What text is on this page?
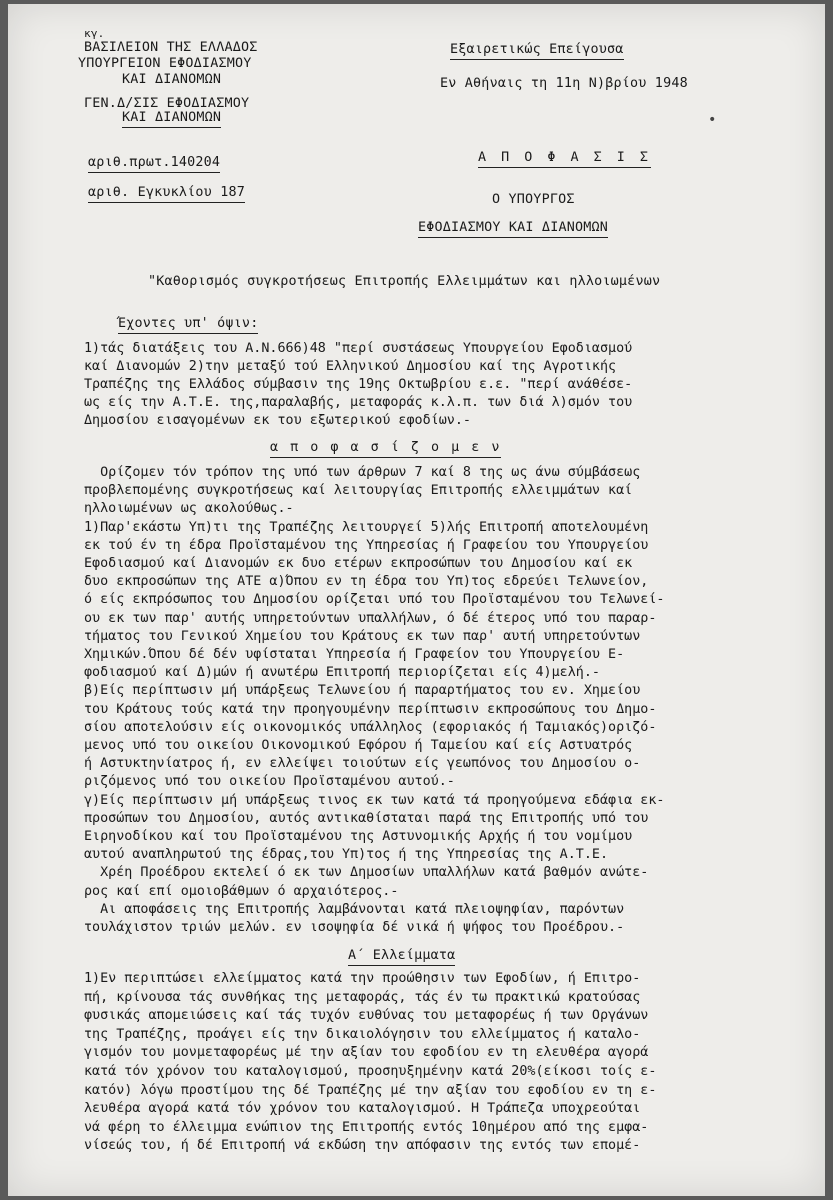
κγ.
ΒΑΣΙΛΕΙΟΝ ΤΗΣ ΕΛΛΑΔΟΣ
ΥΠΟΥΡΓΕΙΟΝ ΕΦΟΔΙΑΣΜΟΥ
ΚΑΙ ΔΙΑΝΟΜΩΝ
ΓΕΝ.Δ/ΣΙΣ ΕΦΟΔΙΑΣΜΟΥ
ΚΑΙ ΔΙΑΝΟΜΩΝ
αριθ.πρωτ.140204
αριθ. Εγκυκλίου 187
Εξαιρετικώς Επείγουσα
Εν Αθήναις τη 11η Ν)βρίου 1948
•
Α Π Ο Φ Α Σ Ι Σ
Ο ΥΠΟΥΡΓΟΣ
ΕΦΟΔΙΑΣΜΟΥ ΚΑΙ ΔΙΑΝΟΜΩΝ
"Καθορισμός συγκροτήσεως Επιτροπής Ελλειμμάτων και ηλλοιωμένων
Έχοντες υπ' όψιν:
1)τάς διατάξεις του Α.Ν.666)48 "περί συστάσεως Υπουργείου Εφοδιασμού
καί Διανομών 2)την μεταξύ τού Ελληνικού Δημοσίου καί της Αγροτικής
Τραπέζης της Ελλάδος σύμβασιν της 19ης Οκτωβρίου ε.ε. "περί ανάθέσε-
ως είς την Α.Τ.Ε. της,παραλαβής, μεταφοράς κ.λ.π. των διά λ)σμόν του
Δημοσίου εισαγομένων εκ του εξωτερικού εφοδίων.-
α π ο φ α σ ί ζ ο μ ε ν
Ορίζομεν τόν τρόπον της υπό των άρθρων 7 καί 8 της ως άνω σύμβάσεως
προβλεπομένης συγκροτήσεως καί λειτουργίας Επιτροπής ελλειμμάτων καί
ηλλοιωμένων ως ακολούθως.-
1)Παρ'εκάστω Υπ)τι της Τραπέζης λειτουργεί 5)λής Επιτροπή αποτελουμένη
εκ τού έν τη έδρα Προϊσταμένου της Υπηρεσίας ή Γραφείου του Υπουργείου
Εφοδιασμού καί Διανομών εκ δυο ετέρων εκπροσώπων του Δημοσίου καί εκ
δυο εκπροσώπων της ΑΤΕ α)Όπου εν τη έδρα του Υπ)τος εδρεύει Τελωνείον,
ό είς εκπρόσωπος του Δημοσίου ορίζεται υπό του Προϊσταμένου του Τελωνεί-
ου εκ των παρ' αυτής υπηρετούντων υπαλλήλων, ό δέ έτερος υπό του παραρ-
τήματος του Γενικού Χημείου του Κράτους εκ των παρ' αυτή υπηρετούντων
Χημικών.Όπου δέ δέν υφίσταται Υπηρεσία ή Γραφείον του Υπουργείου Ε-
φοδιασμού καί Δ)μών ή ανωτέρω Επιτροπή περιορίζεται είς 4)μελή.-
β)Είς περίπτωσιν μή υπάρξεως Τελωνείου ή παραρτήματος του εν. Χημείου
του Κράτους τούς κατά την προηγουμένην περίπτωσιν εκπροσώπους του Δημο-
σίου αποτελούσιν είς οικονομικός υπάλληλος (εφοριακός ή Ταμιακός)οριζό-
μενος υπό του οικείου Οικονομικού Εφόρου ή Ταμείου καί είς Αστυατρός
ή Αστυκτηνίατρος ή, εν ελλείψει τοιούτων είς γεωπόνος του Δημοσίου ο-
ριζόμενος υπό του οικείου Προϊσταμένου αυτού.-
γ)Είς περίπτωσιν μή υπάρξεως τινος εκ των κατά τά προηγούμενα εδάφια εκ-
προσώπων του Δημοσίου, αυτός αντικαθίσταται παρά της Επιτροπής υπό του
Ειρηνοδίκου καί του Προϊσταμένου της Αστυνομικής Αρχής ή του νομίμου
αυτού αναπληρωτού της έδρας,του Υπ)τος ή της Υπηρεσίας της Α.Τ.Ε.
Χρέη Προέδρου εκτελεί ό εκ των Δημοσίων υπαλλήλων κατά βαθμόν ανώτε-
ρος καί επί ομοιοβάθμων ό αρχαιότερος.-
Αι αποφάσεις της Επιτροπής λαμβάνονται κατά πλειοψηφίαν, παρόντων
τουλάχιστον τριών μελών. εν ισοψηφία δέ νικά ή ψήφος του Προέδρου.-
Α΄ Ελλείμματα
1)Εν περιπτώσει ελλείμματος κατά την προώθησιν των Εφοδίων, ή Επιτρο-
πή, κρίνουσα τάς συνθήκας της μεταφοράς, τάς έν τω πρακτικώ κρατούσας
φυσικάς απομειώσεις καί τάς τυχόν ευθύνας του μεταφορέως ή των Οργάνων
της Τραπέζης, προάγει είς την δικαιολόγησιν του ελλείμματος ή καταλο-
γισμόν του μονμεταφορέως μέ την αξίαν του εφοδίου εν τη ελευθέρα αγορά
κατά τόν χρόνον του καταλογισμού, προσηυξημένην κατά 20%(είκοσι τοίς ε-
κατόν) λόγω προστίμου της δέ Τραπέζης μέ την αξίαν του εφοδίου εν τη ε-
λευθέρα αγορά κατά τόν χρόνον του καταλογισμού. Η Τράπεζα υποχρεούται
νά φέρη το έλλειμμα ενώπιον της Επιτροπής εντός 10ημέρου από της εμφα-
νίσεώς του, ή δέ Επιτροπή νά εκδώση την απόφασιν της εντός των επομέ-
